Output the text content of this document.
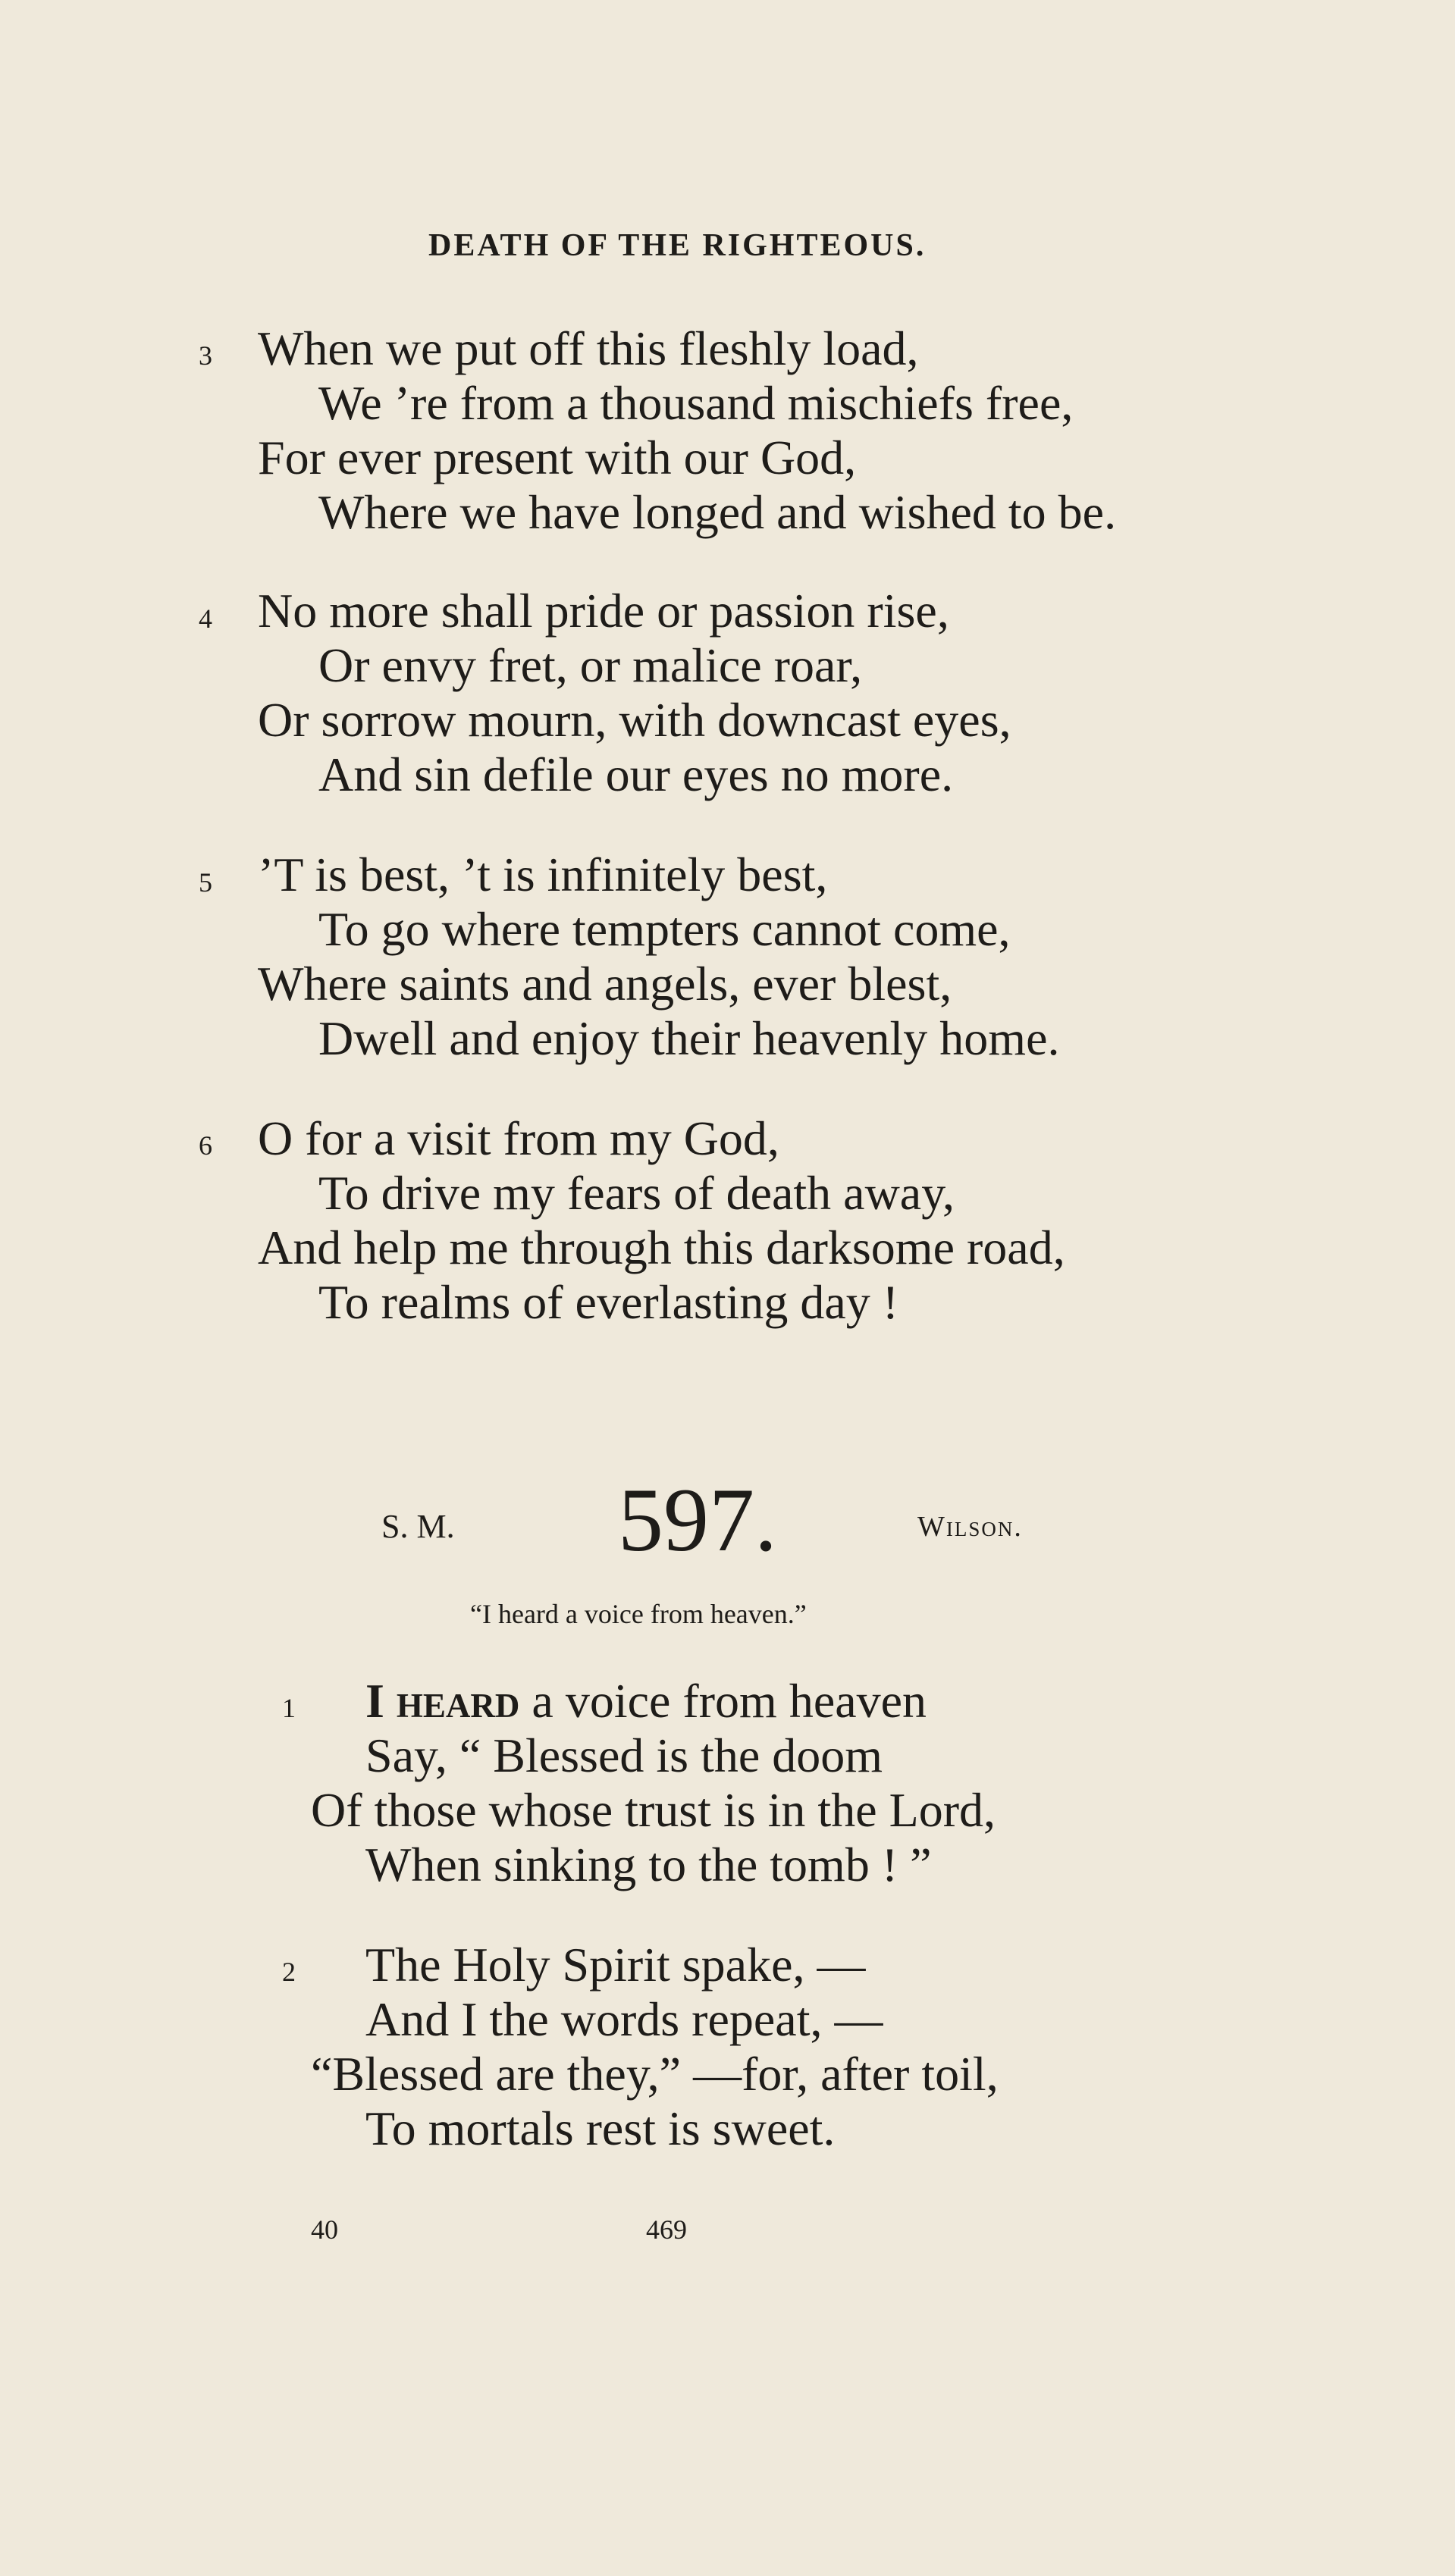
DEATH OF THE RIGHTEOUS.
3 When we put off this fleshly load,
We ’re from a thousand mischiefs free,
For ever present with our God,
Where we have longed and wished to be.
4 No more shall pride or passion rise,
Or envy fret, or malice roar,
Or sorrow mourn, with downcast eyes,
And sin defile our eyes no more.
5 ’T is best, ’t is infinitely best,
To go where tempters cannot come,
Where saints and angels, ever blest,
Dwell and enjoy their heavenly home.
6 O for a visit from my God,
To drive my fears of death away,
And help me through this darksome road,
To realms of everlasting day !
S. M. 597.	Wilson.
“I heard a voice from heaven.”
1 I heard a voice from heaven
Say, “ Blessed is the doom
Of those whose trust is in the Lord,
When sinking to the tomb ! ”
2 The Holy Spirit spake, —
And I the words repeat, —
“Blessed are they,” —for, after toil,
To mortals rest is sweet.
40	469
